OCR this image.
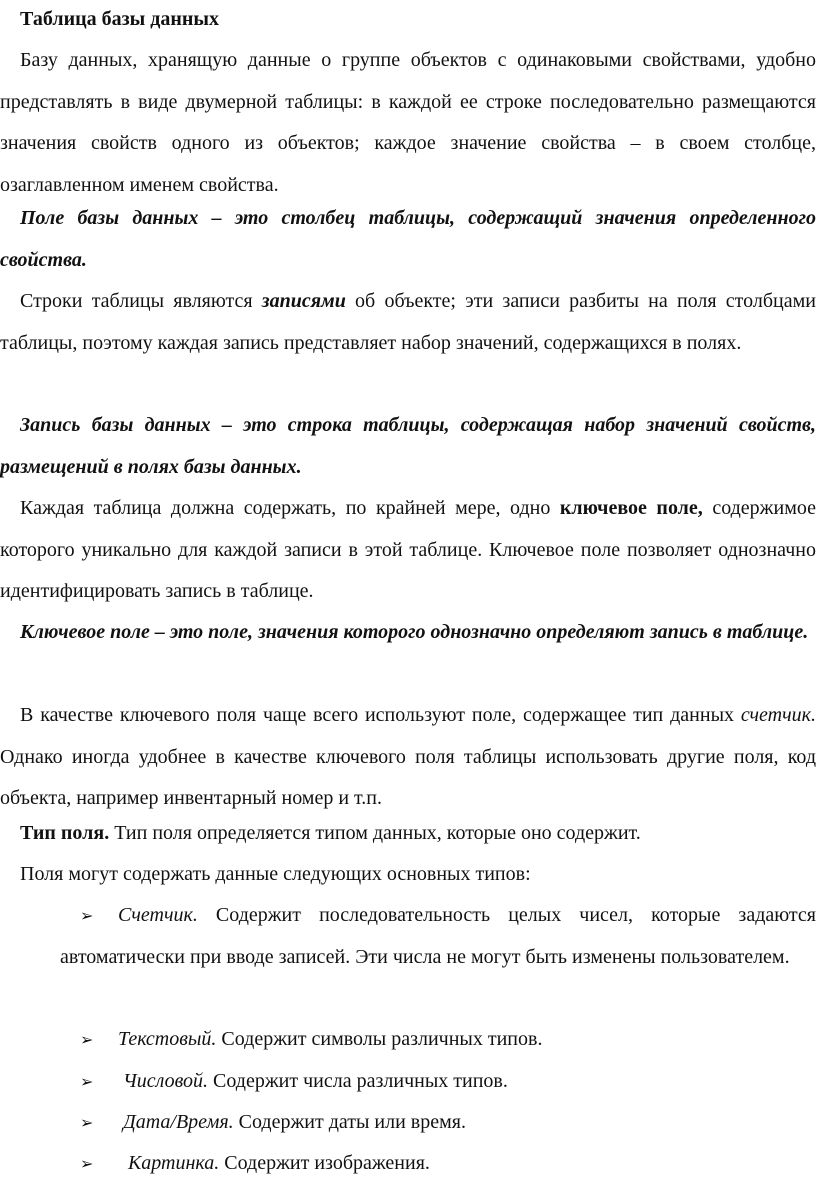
Таблица базы данных
Базу данных, хранящую данные о группе объектов с одинаковыми свойствами, удобно представлять в виде двумерной таблицы: в каждой ее строке последовательно размещаются значения свойств одного из объектов; каждое значение свойства – в своем столбце, озаглавленном именем свойства.
Поле базы данных – это столбец таблицы, содержащий значения определенного свойства.
Строки таблицы являются записями об объекте; эти записи разбиты на поля столбцами таблицы, поэтому каждая запись представляет набор значений, содержащихся в полях.
Запись базы данных – это строка таблицы, содержащая набор значений свойств, размещений в полях базы данных.
Каждая таблица должна содержать, по крайней мере, одно ключевое поле, содержимое которого уникально для каждой записи в этой таблице. Ключевое поле позволяет однозначно идентифицировать запись в таблице.
Ключевое поле – это поле, значения которого однозначно определяют запись в таблице.
В качестве ключевого поля чаще всего используют поле, содержащее тип данных счетчик. Однако иногда удобнее в качестве ключевого поля таблицы использовать другие поля, код объекта, например инвентарный номер и т.п.
Тип поля. Тип поля определяется типом данных, которые оно содержит.
Поля могут содержать данные следующих основных типов:
➢ Счетчик. Содержит последовательность целых чисел, которые задаются автоматически при вводе записей. Эти числа не могут быть изменены пользователем.
➢ Текстовый. Содержит символы различных типов.
➢ Числовой. Содержит числа различных типов.
➢ Дата/Время. Содержит даты или время.
➢ Картинка. Содержит изображения.
